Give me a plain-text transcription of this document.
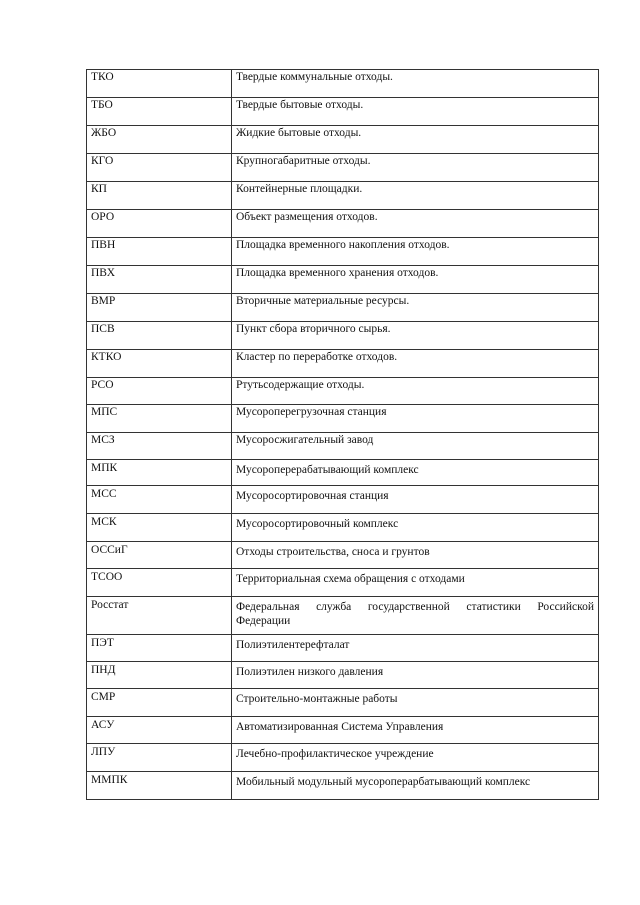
ТКО	Твердые коммунальные отходы.
ТБО	Твердые бытовые отходы.
ЖБО	Жидкие бытовые отходы.
КГО	Крупногабаритные отходы.
КП	Контейнерные площадки.
ОРО	Объект размещения отходов.
ПВН	Площадка временного накопления отходов.
ПВХ	Площадка временного хранения отходов.
ВМР	Вторичные материальные ресурсы.
ПСВ	Пункт сбора вторичного сырья.
КТКО	Кластер по переработке отходов.
РСО	Ртутьсодержащие отходы.
МПС	Мусороперегрузочная станция
МСЗ	Мусоросжигательный завод
МПК	Мусороперерабатывающий комплекс
МСС	Мусоросортировочная станция
МСК	Мусоросортировочный комплекс
ОССиГ	Отходы строительства, сноса и грунтов
ТСОО	Территориальная схема обращения с отходами
Росстат	Федеральная служба государственной статистики Российской Федерации
ПЭТ	Полиэтилентерефталат
ПНД	Полиэтилен низкого давления
СМР	Строительно-монтажные работы
АСУ	Автоматизированная Система Управления
ЛПУ	Лечебно-профилактическое учреждение
ММПК	Мобильный модульный мусороперарбатывающий комплекс
